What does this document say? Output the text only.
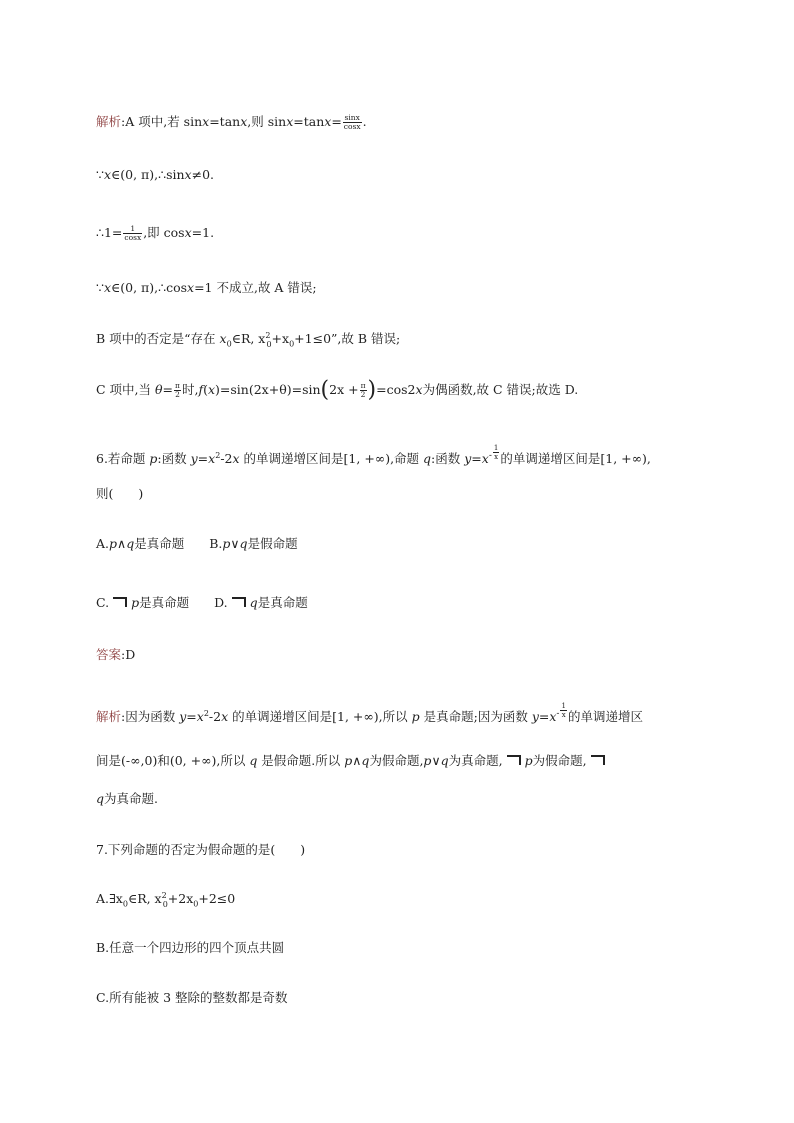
解析:A 项中,若 sinx=tanx,则 $\sin x=\tan x= \frac{\sin x}{\cos x}$ .
∵x∈(0, π),∴sinx≠0.
∴1= $\frac{1}{\cos x}$ ,即 cosx=1.
∵x∈(0, π),∴cosx=1 不成立,故 A 错误;
B 项中的否定是“存在 $x_0\in R$, $x^2_0+x_0+1\le 0$”,故 B 错误;
C 项中,当 $\theta= \frac{\pi}{2}$ 时$,f(x)=\sin(2x+\theta)=\sin(2x + \frac{\pi}{2} )=\cos 2x$为偶函数,故 C 错误;故选 D.
6.若命题 p:函数 $y=x^2-2x$ 的单调递增区间是[1, +∞),命题 q:函数 $y=x^- \frac{1}{x}$ 的单调递增区间是[1, +∞),
则(　　)
A.p∧q是真命题　　B.p∨q是假命题
C. p是真命题　　D. q是真命题
答案:D
解析:因为函数 $y=x^2-2x$ 的单调递增区间是[1, +∞),所以 p 是真命题;因为函数 $y=x^- \frac{1}{x}$ 的单调递增区
间是(-∞,0)和(0, +∞),所以 q 是假命题.所以 p∧q为假命题,p∨q为真命题, p为假命题,
q为真命题.
7.下列命题的否定为假命题的是(　　)
$A.\exists x_0\in R$, $x^2_0+2x_0+2\le 0$
B.任意一个四边形的四个顶点共圆
C.所有能被 3 整除的整数都是奇数
